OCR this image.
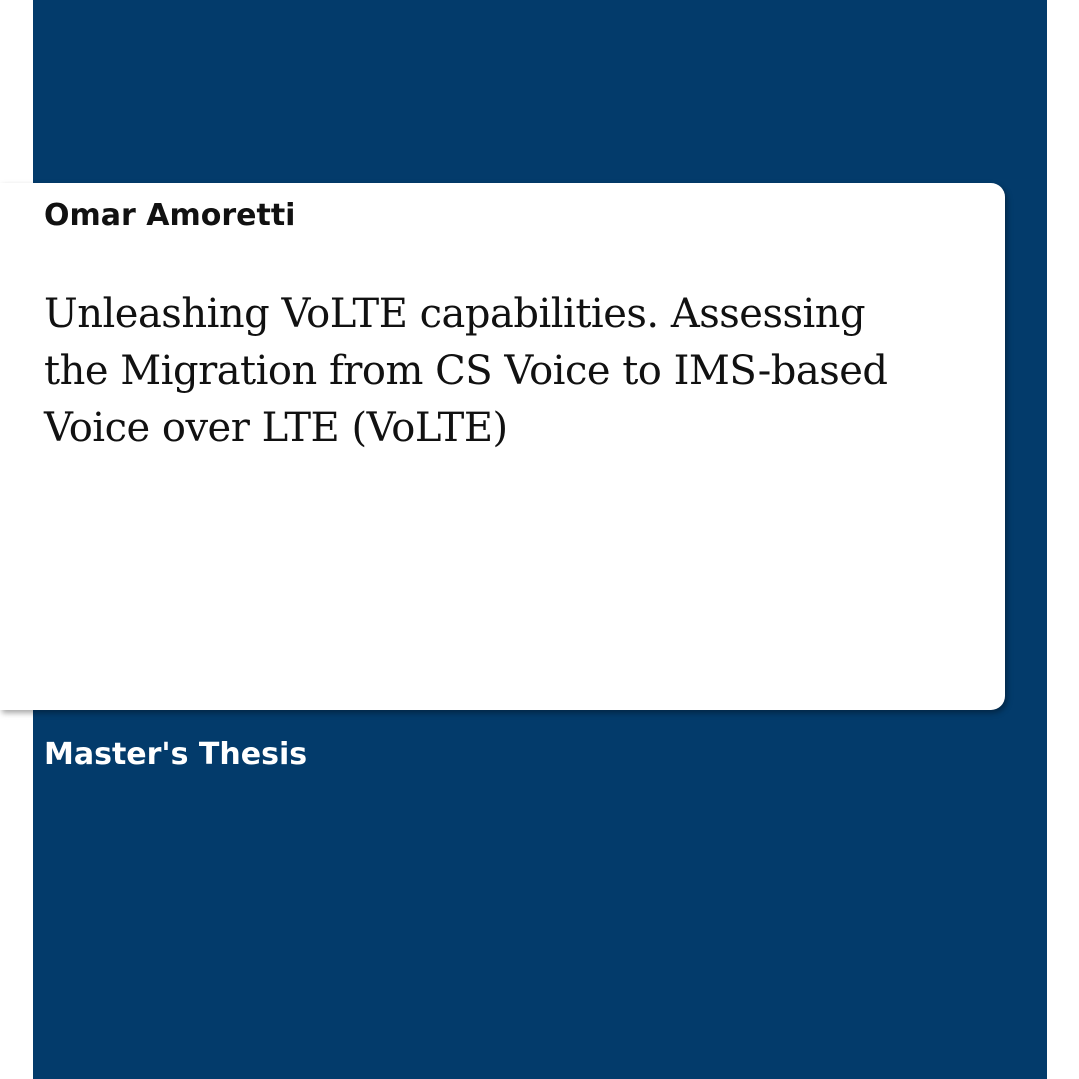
Omar Amoretti
Unleashing VoLTE capabilities. Assessing
the Migration from CS Voice to IMS-based
Voice over LTE (VoLTE)
Master's Thesis
